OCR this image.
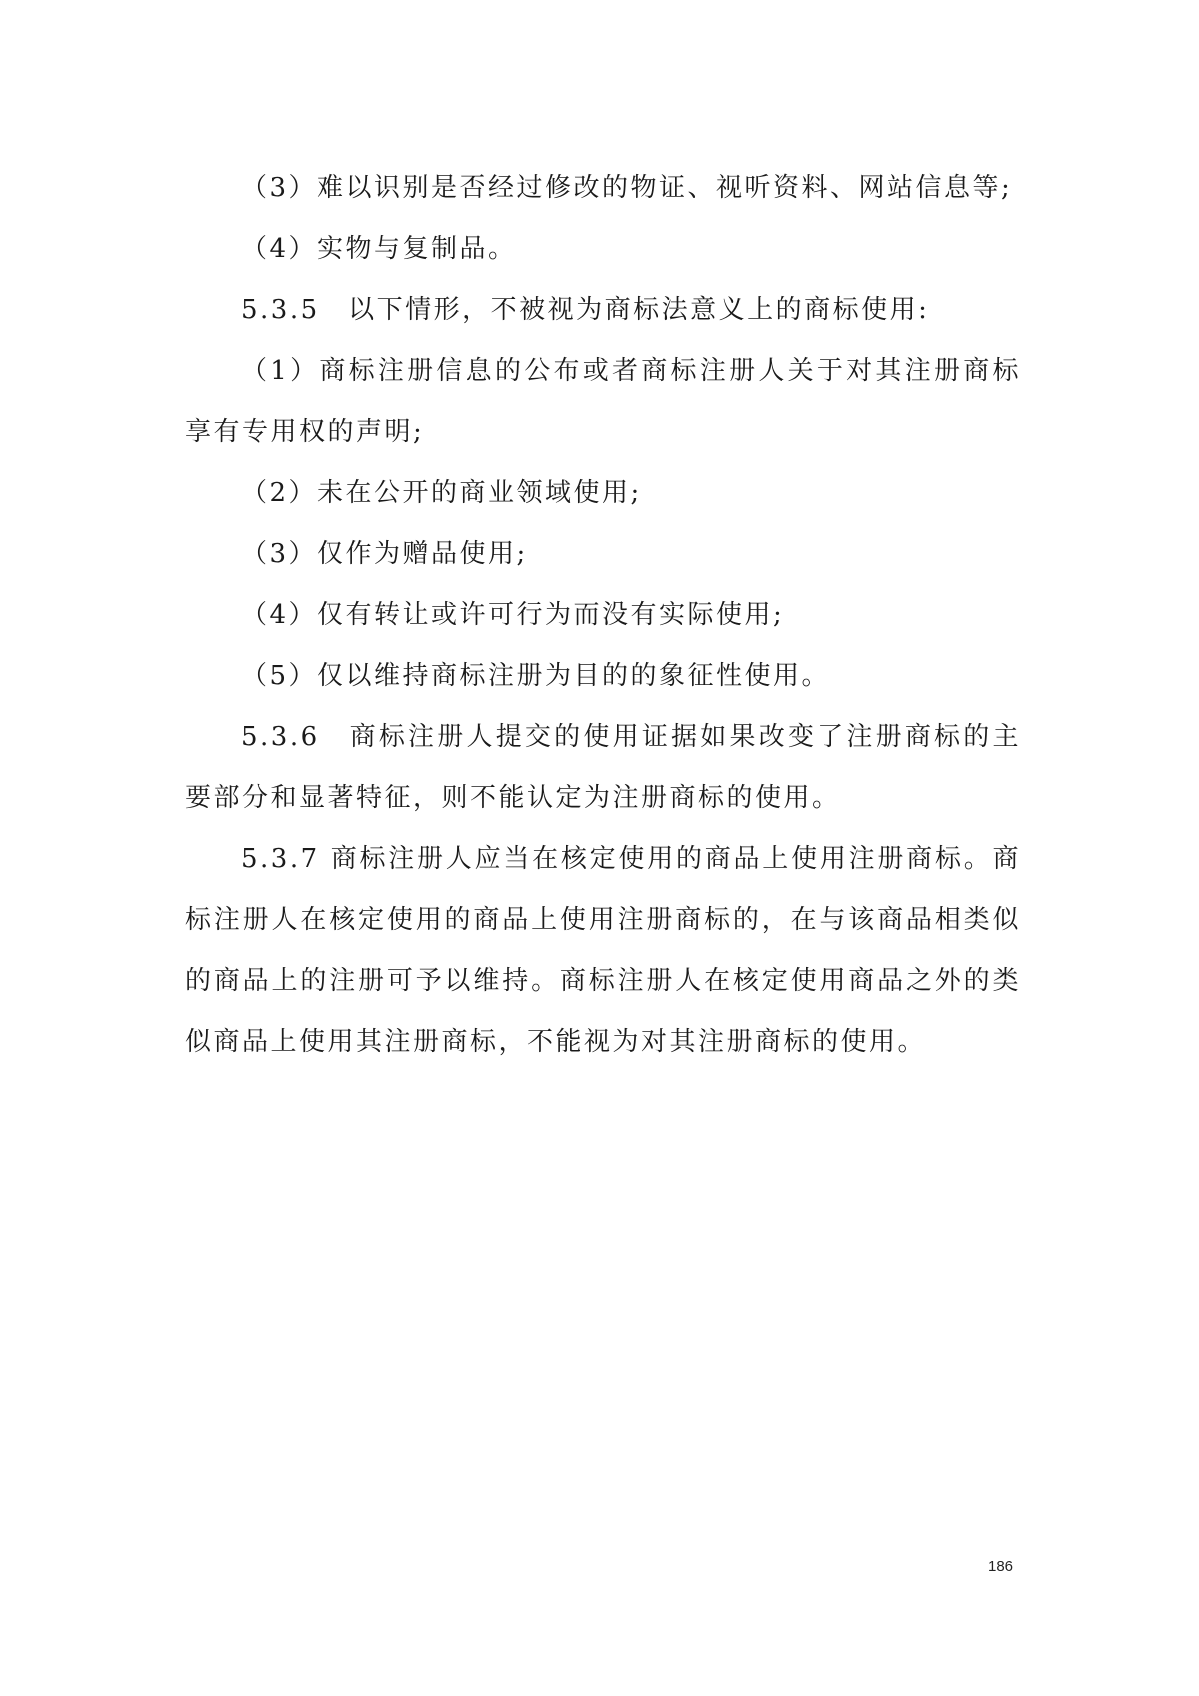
（3）难以识别是否经过修改的物证、视听资料、网站信息等;

（4）实物与复制品。

5.3.5　以下情形，不被视为商标法意义上的商标使用:

（1）商标注册信息的公布或者商标注册人关于对其注册商标享有专用权的声明;

（2）未在公开的商业领域使用;

（3）仅作为赠品使用;

（4）仅有转让或许可行为而没有实际使用;

（5）仅以维持商标注册为目的的象征性使用。

5.3.6　商标注册人提交的使用证据如果改变了注册商标的主要部分和显著特征，则不能认定为注册商标的使用。

5.3.7 商标注册人应当在核定使用的商品上使用注册商标。商标注册人在核定使用的商品上使用注册商标的，在与该商品相类似的商品上的注册可予以维持。商标注册人在核定使用商品之外的类似商品上使用其注册商标，不能视为对其注册商标的使用。

186
